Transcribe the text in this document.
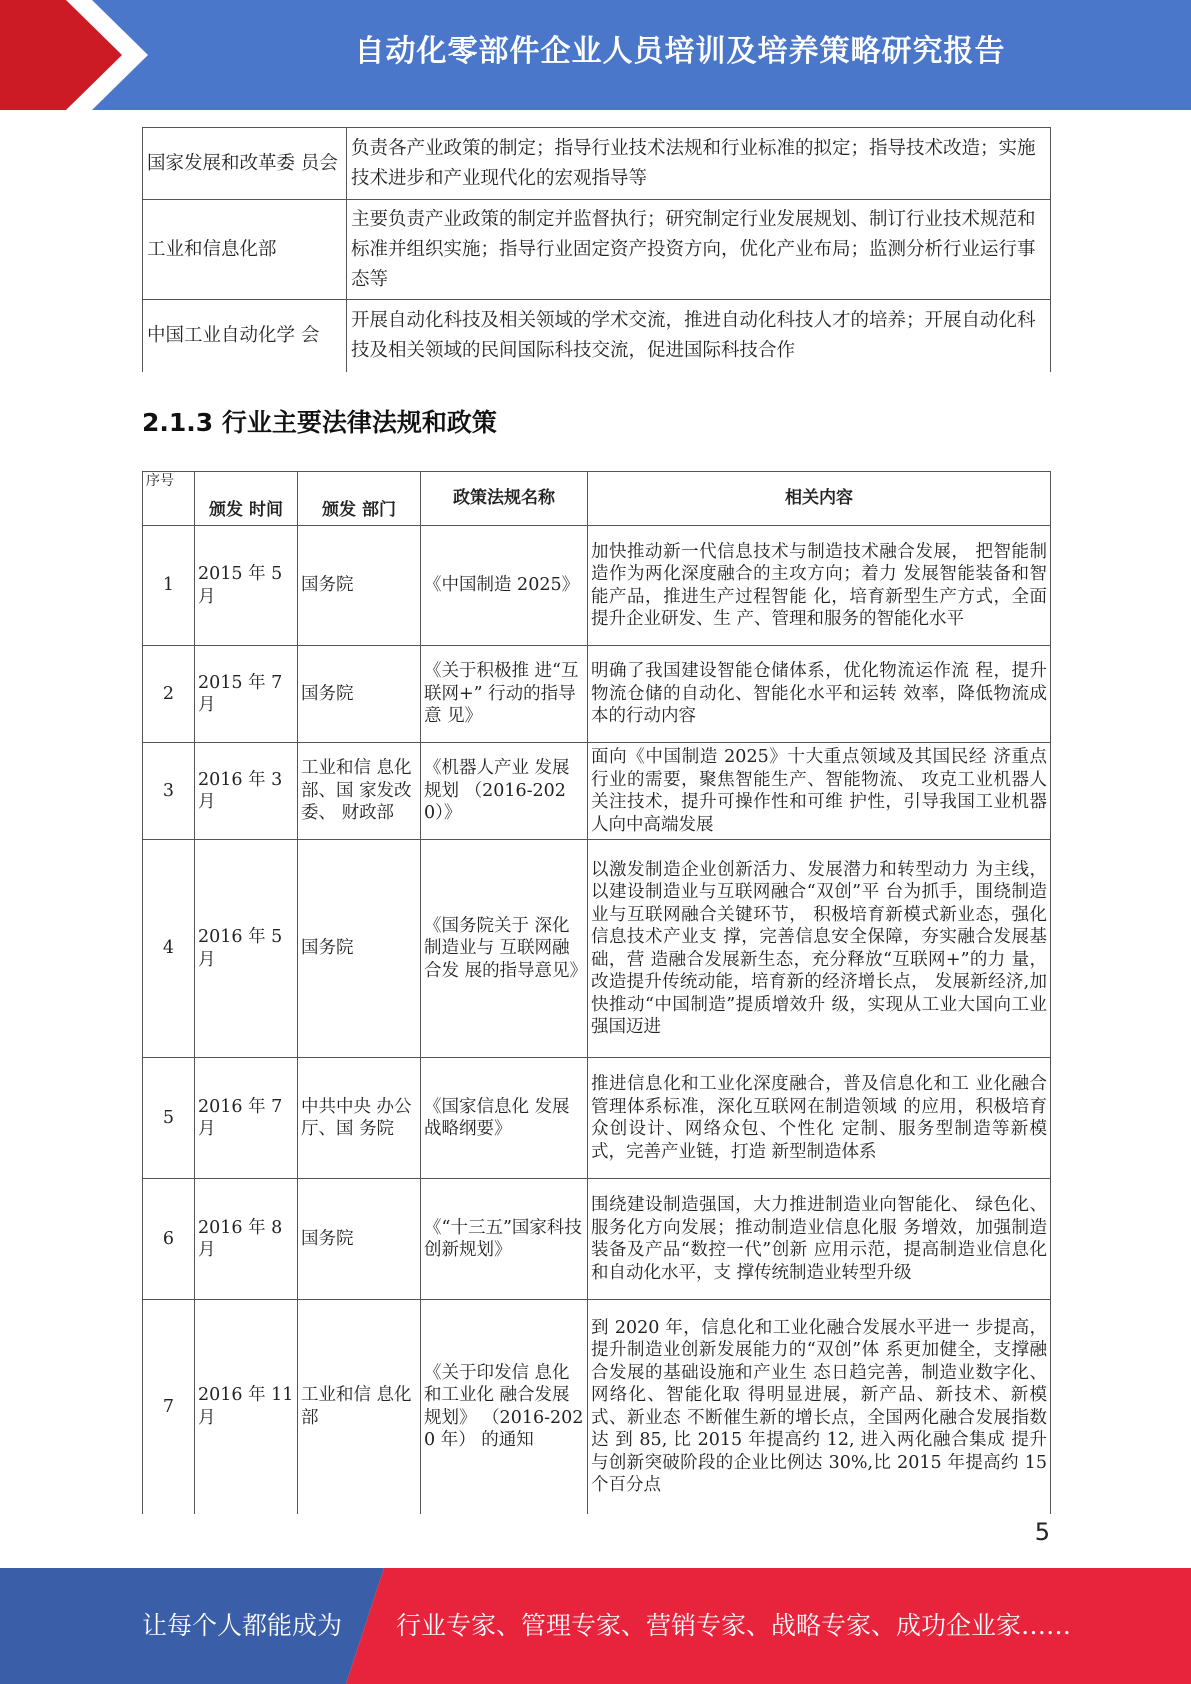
自动化零部件企业人员培训及培养策略研究报告
国家发展和改革委 员会	负责各产业政策的制定；指导行业技术法规和行业标准的拟定；指导技术改造；实施技术进步和产业现代化的宏观指导等
工业和信息化部	主要负责产业政策的制定并监督执行；研究制定行业发展规划、制订行业技术规范和标准并组织实施；指导行业固定资产投资方向，优化产业布局；监测分析行业运行事态等
中国工业自动化学 会	开展自动化科技及相关领域的学术交流，推进自动化科技人才的培养；开展自动化科技及相关领域的民间国际科技交流，促进国际科技合作
2.1.3 行业主要法律法规和政策
序号	颁发 时间	颁发 部门	政策法规名称	相关内容
1	2015 年 5 月	国务院	《中国制造 2025》	加快推动新一代信息技术与制造技术融合发展， 把智能制造作为两化深度融合的主攻方向；着力 发展智能装备和智能产品，推进生产过程智能 化，培育新型生产方式，全面提升企业研发、生 产、管理和服务的智能化水平
2	2015 年 7 月	国务院	《关于积极推 进“互联网+” 行动的指导意 见》	明确了我国建设智能仓储体系，优化物流运作流 程，提升物流仓储的自动化、智能化水平和运转 效率，降低物流成本的行动内容
3	2016 年 3 月	工业和信 息化部、国 家发改委、 财政部	《机器人产业 发展规划 （2016-2020）》	面向《中国制造 2025》十大重点领域及其国民经 济重点行业的需要，聚焦智能生产、智能物流、 攻克工业机器人关注技术，提升可操作性和可维 护性，引导我国工业机器人向中高端发展
4	2016 年 5 月	国务院	《国务院关于 深化制造业与 互联网融合发 展的指导意见》	以激发制造企业创新活力、发展潜力和转型动力 为主线，以建设制造业与互联网融合“双创”平 台为抓手，围绕制造业与互联网融合关键环节， 积极培育新模式新业态，强化信息技术产业支 撑，完善信息安全保障，夯实融合发展基础，营 造融合发展新生态，充分释放“互联网+”的力 量，改造提升传统动能，培育新的经济增长点， 发展新经济,加快推动“中国制造”提质增效升 级，实现从工业大国向工业强国迈进
5	2016 年 7 月	中共中央 办公厅、国 务院	《国家信息化 发展战略纲要》	推进信息化和工业化深度融合，普及信息化和工 业化融合管理体系标准，深化互联网在制造领域 的应用，积极培育众创设计、网络众包、个性化 定制、服务型制造等新模式，完善产业链，打造 新型制造体系
6	2016 年 8 月	国务院	《“十三五”国家科技创新规划》	围绕建设制造强国，大力推进制造业向智能化、 绿色化、服务化方向发展；推动制造业信息化服 务增效，加强制造装备及产品“数控一代”创新 应用示范，提高制造业信息化和自动化水平，支 撑传统制造业转型升级
7	2016 年 11 月	工业和信 息化部	《关于印发信 息化和工业化 融合发展规划》 （2016-2020 年） 的通知	到 2020 年，信息化和工业化融合发展水平进一 步提高，提升制造业创新发展能力的“双创”体 系更加健全，支撑融合发展的基础设施和产业生 态日趋完善，制造业数字化、网络化、智能化取 得明显进展，新产品、新技术、新模式、新业态 不断催生新的增长点，全国两化融合发展指数达 到 85, 比 2015 年提高约 12, 进入两化融合集成 提升与创新突破阶段的企业比例达 30%,比 2015 年提高约 15 个百分点
5
让每个人都能成为 行业专家、管理专家、营销专家、战略专家、成功企业家……
